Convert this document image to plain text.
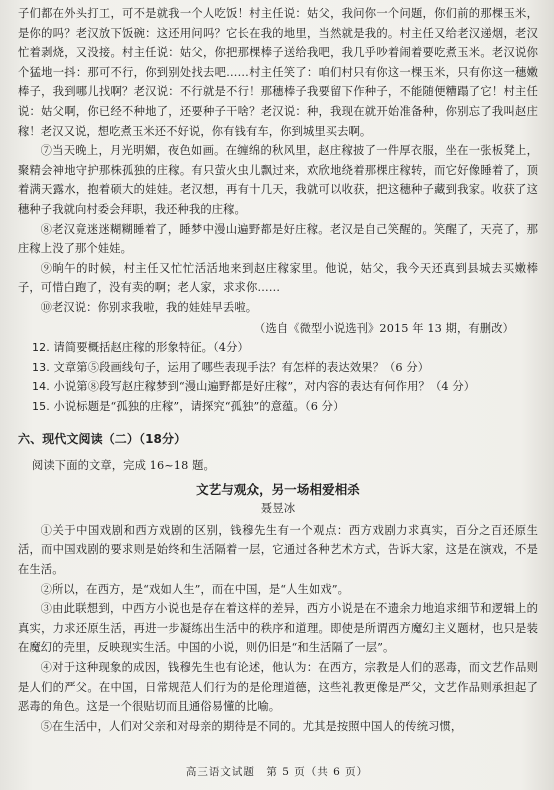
子们都在外头打工，可不是就我一个人吃饭！村主任说：姑父，我问你一个问题，你们前的那棵玉米，是你的吗？老汉放下饭碗：这还用问吗？它长在我的地里，当然就是我的。村主任又给老汉递烟，老汉忙着剥烧，又没接。村主任说：姑父，你把那棵棒子送给我吧，我几乎吵着闹着要吃煮玉米。老汉说你个猛地一抖：那可不行，你到别处找去吧……村主任笑了：咱们村只有你这一棵玉米，只有你这一穗嫩棒子，我到哪儿找啊？老汉说：不行就是不行！那穗棒子我要留下作种子，不能随便糟蹋了它！村主任说：姑父啊，你已经不种地了，还要种子干啥？老汉说：种，我现在就开始准备种，你别忘了我叫赵庄稼！老汉又说，想吃煮玉米还不好说，你有钱有车，你到城里买去啊。

⑦当天晚上，月光明媚，夜色如画。在缠绵的秋风里，赵庄稼披了一件厚衣服，坐在一张板凳上，聚精会神地守护那株孤独的庄稼。有只萤火虫儿飘过来，欢欣地绕着那棵庄稼转，而它好像睡着了，顶着满天露水，抱着硕大的娃娃。老汉想，再有十几天，我就可以收获，把这穗种子藏到我家。收获了这穗种子我就向村委会拜职，我还种我的庄稼。

⑧老汉竟迷迷糊糊睡着了，睡梦中漫山遍野都是好庄稼。老汉是自己笑醒的。笑醒了，天亮了，那庄稼上没了那个娃娃。

⑨晌午的时候，村主任又忙忙活活地来到赵庄稼家里。他说，姑父，我今天还真到县城去买嫩棒子，可惜白跑了，没有卖的啊；老人家，求求你……

⑩老汉说：你别求我啦，我的娃娃早丢啦。

（选自《微型小说选刊》2015 年 13 期，有删改）

12. 请简要概括赵庄稼的形象特征。（4分）

13. 文章第⑤段画线句子，运用了哪些表现手法？有怎样的表达效果？（6 分）

14. 小说第⑧段写赵庄稼梦到“漫山遍野都是好庄稼”，对内容的表达有何作用？（4 分）

15. 小说标题是“孤独的庄稼”，请探究“孤独”的意蕴。（6 分）

六、现代文阅读（二）（18分）

阅读下面的文章，完成 16~18 题。

文艺与观众，另一场相爱相杀
聂昱冰

①关于中国戏剧和西方戏剧的区别，钱穆先生有一个观点：西方戏剧力求真实，百分之百还原生活，而中国戏剧的要求则是始终和生活隔着一层，它通过各种艺术方式，告诉大家，这是在演戏，不是在生活。

②所以，在西方，是“戏如人生”，而在中国，是“人生如戏”。

③由此联想到，中西方小说也是存在着这样的差异，西方小说是在不遗余力地追求细节和逻辑上的真实，力求还原生活，再进一步凝练出生活中的秩序和道理。即使是所谓西方魔幻主义题材，也只是装在魔幻的壳里，反映现实生活。中国的小说，则仍旧是“和生活隔了一层”。

④对于这种现象的成因，钱穆先生也有论述，他认为：在西方，宗教是人们的恶毒，而文艺作品则是人们的严父。在中国，日常规范人们行为的是伦理道德，这些礼教更像是严父，文艺作品则承担起了恶毒的角色。这是一个很贴切而且通俗易懂的比喻。

⑤在生活中，人们对父亲和对母亲的期待是不同的。尤其是按照中国人的传统习惯，

高三语文试题　第 5 页（共 6 页）
